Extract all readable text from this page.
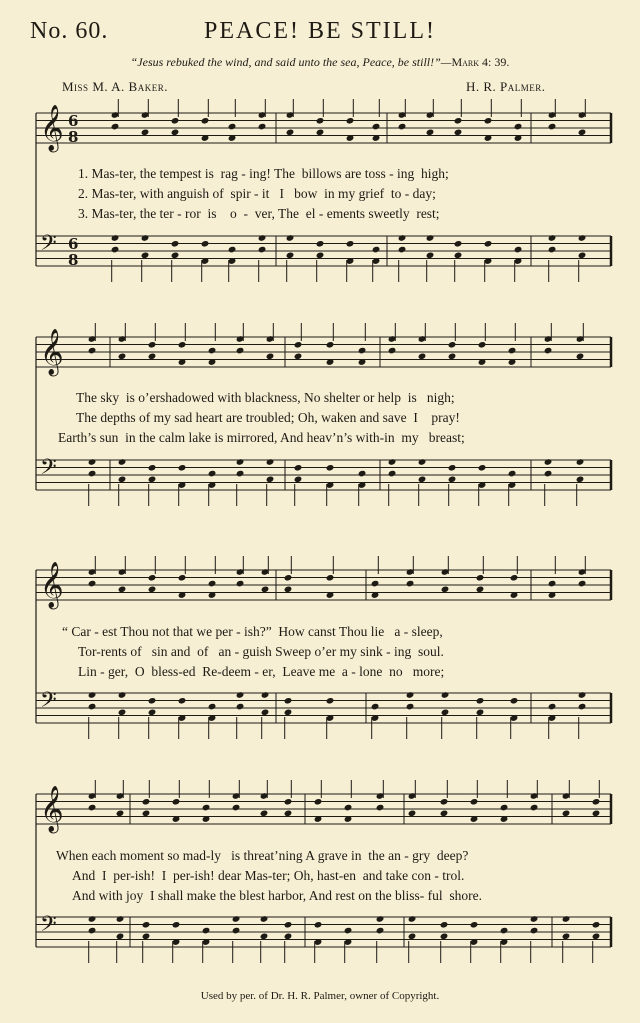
No. 60.	PEACE! BE STILL!
“Jesus rebuked the wind, and said unto the sea, Peace, be still!”—Mark 4: 39.
Miss M. A. Baker.	H. R. Palmer.
𝄞
𝄞
𝄞
𝄞
𝄢
𝄢
𝄢
𝄢
6
8
6
8
1. Mas-ter, the tempest is  rag - ing! The  billows are toss - ing  high;
2. Mas-ter, with anguish of  spir - it   I   bow  in my grief  to - day;
3. Mas-ter, the ter - ror  is    o  -  ver, The  el - ements sweetly  rest;
The sky  is o’ershadowed with blackness, No shelter or help  is   nigh;
The depths of my sad heart are troubled; Oh, waken and save  I    pray!
Earth’s sun  in the calm lake is mirrored, And heav’n’s with-in  my   breast;
“ Car - est Thou not that we per - ish?”  How canst Thou lie   a - sleep,
Tor-rents of   sin and  of   an - guish Sweep o’er my sink - ing  soul.
Lin - ger,  O  bless-ed  Re-deem - er,  Leave me  a - lone  no   more;
When each moment so mad-ly   is threat’ning A grave in  the an - gry  deep?
And  I  per-ish!  I  per-ish! dear Mas-ter; Oh, hast-en  and take con - trol.
And with joy  I shall make the blest harbor, And rest on the bliss- ful  shore.
Used by per. of Dr. H. R. Palmer, owner of Copyright.
